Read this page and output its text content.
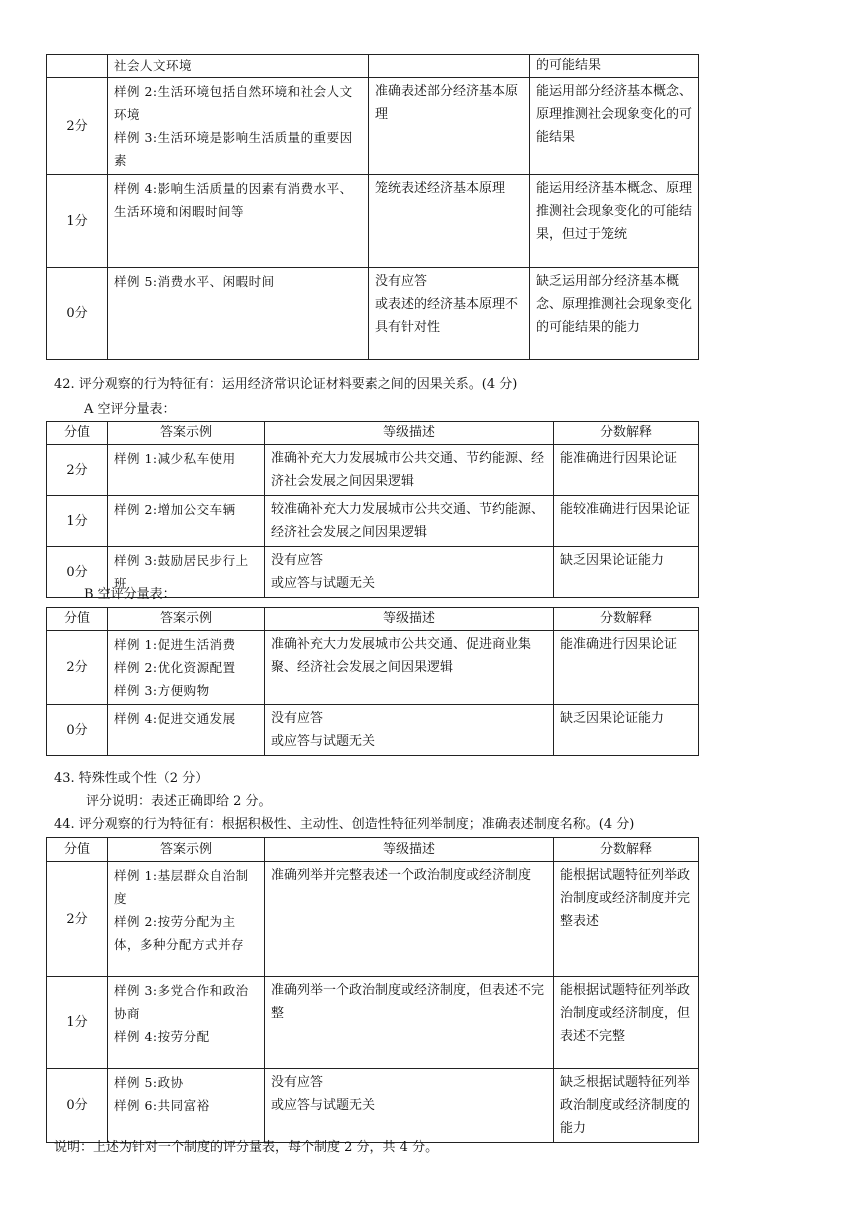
	社会人文环境		的可能结果
2分	样例 2:生活环境包括自然环境和社会人文环境
样例 3:生活环境是影响生活质量的重要因素	准确表述部分经济基本原理	能运用部分经济基本概念、原理推测社会现象变化的可能结果
1分	样例 4:影响生活质量的因素有消费水平、生活环境和闲暇时间等	笼统表述经济基本原理	能运用经济基本概念、原理推测社会现象变化的可能结果，但过于笼统
0分	样例 5:消费水平、闲暇时间	没有应答
或表述的经济基本原理不具有针对性	缺乏运用部分经济基本概念、原理推测社会现象变化的可能结果的能力
42. 评分观察的行为特征有：运用经济常识论证材料要素之间的因果关系。(4 分)
A 空评分量表：
分值	答案示例	等级描述	分数解释
2分	样例 1:减少私车使用	准确补充大力发展城市公共交通、节约能源、经济社会发展之间因果逻辑	能准确进行因果论证
1分	样例 2:增加公交车辆	较准确补充大力发展城市公共交通、节约能源、经济社会发展之间因果逻辑	能较准确进行因果论证
0分	样例 3:鼓励居民步行上班	没有应答
或应答与试题无关	缺乏因果论证能力
B 空评分量表：
分值	答案示例	等级描述	分数解释
2分	样例 1:促进生活消费
样例 2:优化资源配置
样例 3:方便购物	准确补充大力发展城市公共交通、促进商业集聚、经济社会发展之间因果逻辑	能准确进行因果论证
0分	样例 4:促进交通发展	没有应答
或应答与试题无关	缺乏因果论证能力
43. 特殊性或个性（2 分）
评分说明：表述正确即给 2 分。
44. 评分观察的行为特征有：根据积极性、主动性、创造性特征列举制度；准确表述制度名称。(4 分)
分值	答案示例	等级描述	分数解释
2分	样例 1:基层群众自治制度
样例 2:按劳分配为主体，多种分配方式并存	准确列举并完整表述一个政治制度或经济制度	能根据试题特征列举政治制度或经济制度并完整表述
1分	样例 3:多党合作和政治协商
样例 4:按劳分配	准确列举一个政治制度或经济制度，但表述不完整	能根据试题特征列举政治制度或经济制度，但表述不完整
0分	样例 5:政协
样例 6:共同富裕	没有应答
或应答与试题无关	缺乏根据试题特征列举政治制度或经济制度的能力
说明：上述为针对一个制度的评分量表，每个制度 2 分，共 4 分。
